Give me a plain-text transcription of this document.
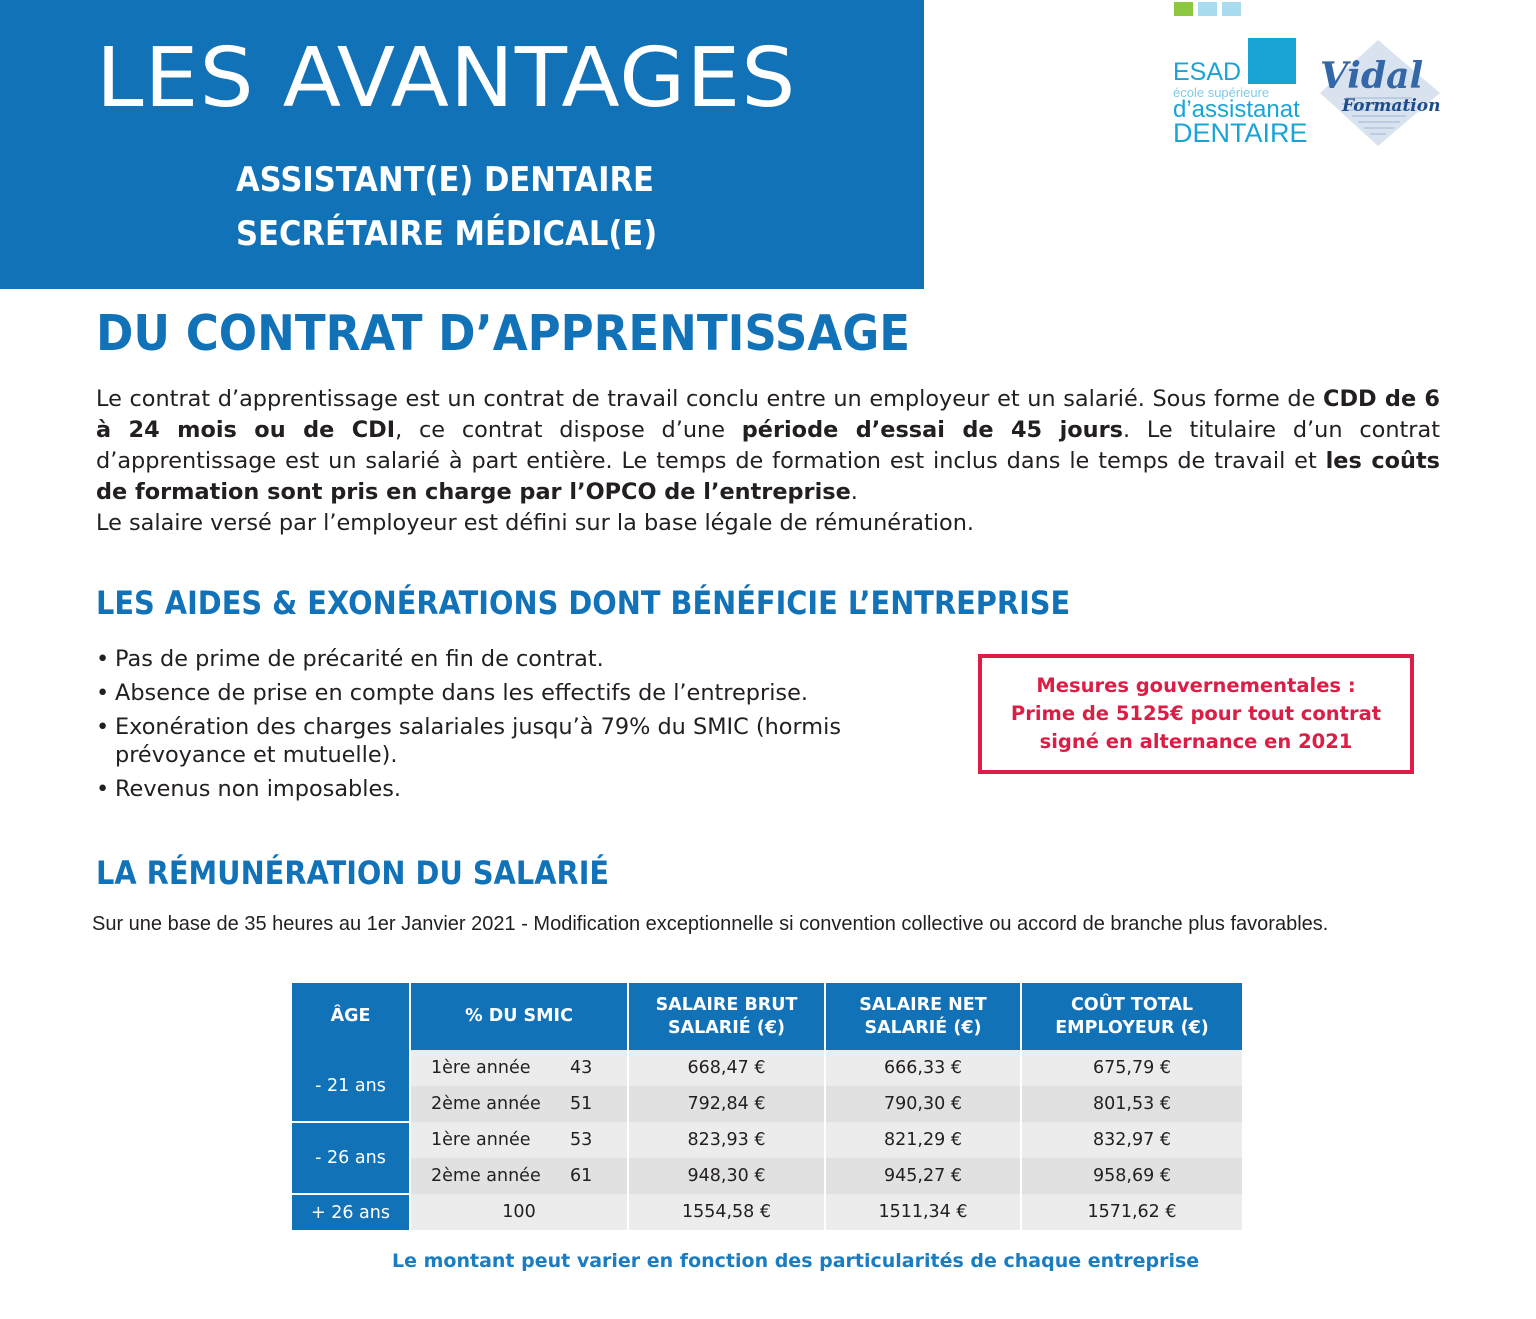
LES AVANTAGES
ASSISTANT(E) DENTAIRE
SECRÉTAIRE MÉDICAL(E)
ESAD
école supérieure
d’assistanat
DENTAIRE
Vidal
Formation
DU CONTRAT D’APPRENTISSAGE
Le contrat d’apprentissage est un contrat de travail conclu entre un employeur et un salarié. Sous forme de CDD de 6 à 24 mois ou de CDI, ce contrat dispose d’une période d’essai de 45 jours. Le titulaire d’un contrat d’apprentissage est un salarié à part entière. Le temps de formation est inclus dans le temps de travail et les coûts de formation sont pris en charge par l’OPCO de l’entreprise.
Le salaire versé par l’employeur est défini sur la base légale de rémunération.
LES AIDES & EXONÉRATIONS DONT BÉNÉFICIE L’ENTREPRISE
• Pas de prime de précarité en fin de contrat.
• Absence de prise en compte dans les effectifs de l’entreprise.
• Exonération des charges salariales jusqu’à 79% du SMIC (hormis prévoyance et mutuelle).
• Revenus non imposables.
Mesures gouvernementales : Prime de 5125€ pour tout contrat signé en alternance en 2021
LA RÉMUNÉRATION DU SALARIÉ
Sur une base de 35 heures au 1er Janvier 2021 - Modification exceptionnelle si convention collective ou accord de branche plus favorables.
ÂGE	% DU SMIC		SALAIRE BRUT SALARIÉ (€)	SALAIRE NET SALARIÉ (€)	COÛT TOTAL EMPLOYEUR (€)
- 21 ans	1ère année	43	668,47 €	666,33 €	675,79 €
	2ème année	51	792,84 €	790,30 €	801,53 €
- 26 ans	1ère année	53	823,93 €	821,29 €	832,97 €
	2ème année	61	948,30 €	945,27 €	958,69 €
+ 26 ans	100		1554,58 €	1511,34 €	1571,62 €
Le montant peut varier en fonction des particularités de chaque entreprise
